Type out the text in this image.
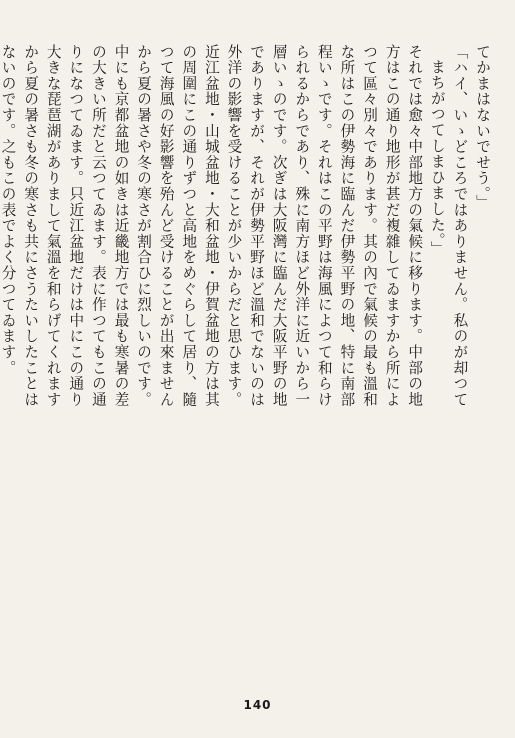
てかまはないでせう。」

「ハイ、いゝどころではありません。私のが却つて

まちがつてしまひました。」

それでは愈々中部地方の氣候に移ります。中部の地

方はこの通り地形が甚だ複雜してゐますから所によ

つて區々別々であります。其の內で氣候の最も溫和

な所はこの伊勢海に臨んだ伊勢平野の地、特に南部

程いゝです。それはこの平野は海風によつて和らけ

られるからであり、殊に南方ほど外洋に近いから一

層いゝのです。次ぎは大阪灣に臨んだ大阪平野の地

でありますが、それが伊勢平野ほど溫和でないのは

外洋の影響を受けることが少いからだと思ひます。

近江盆地・山城盆地・大和盆地・伊賀盆地の方は其

の周圍にこの通りずつと高地をめぐらして居り、隨

つて海風の好影響を殆んど受けることが出來ません

から夏の暑さや冬の寒さが割合ひに烈しいのです。

中にも京都盆地の如きは近畿地方では最も寒暑の差

の大きい所だと云つてゐます。表に作つてもこの通

りになつてゐます。只近江盆地だけは中にこの通り

大きな琵琶湖がありまして氣溫を和らげてくれます

から夏の暑さも冬の寒さも共にさうたいしたことは

ないのです。之もこの表でよく分つてゐます。

140
